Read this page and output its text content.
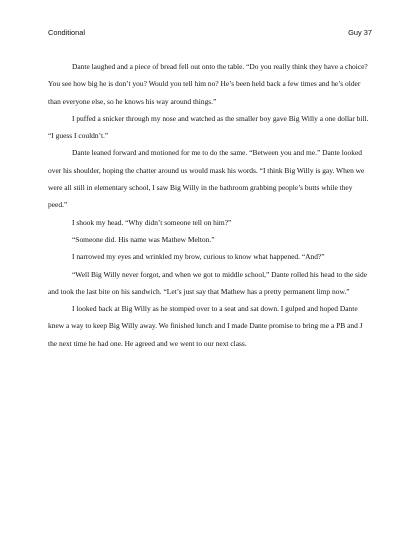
Conditional	Guy 37

Dante laughed and a piece of bread fell out onto the table. “Do you really think they have a choice? You see how big he is don’t you? Would you tell him no? He’s been held back a few times and he’s older than everyone else, so he knows his way around things.”

I puffed a snicker through my nose and watched as the smaller boy gave Big Willy a one dollar bill. “I guess I couldn’t.”

Dante leaned forward and motioned for me to do the same. “Between you and me.” Dante looked over his shoulder, hoping the chatter around us would mask his words. “I think Big Willy is gay. When we were all still in elementary school, I saw Big Willy in the bathroom grabbing people’s butts while they peed.”

I shook my head. “Why didn’t someone tell on him?”

“Someone did. His name was Mathew Melton.”

I narrowed my eyes and wrinkled my brow, curious to know what happened. “And?”

“Well Big Willy never forgot, and when we got to middle school,” Dante rolled his head to the side and took the last bite on his sandwich. “Let’s just say that Mathew has a pretty permanent limp now.”

I looked back at Big Willy as he stomped over to a seat and sat down. I gulped and hoped Dante knew a way to keep Big Willy away. We finished lunch and I made Dante promise to bring me a PB and J the next time he had one. He agreed and we went to our next class.
